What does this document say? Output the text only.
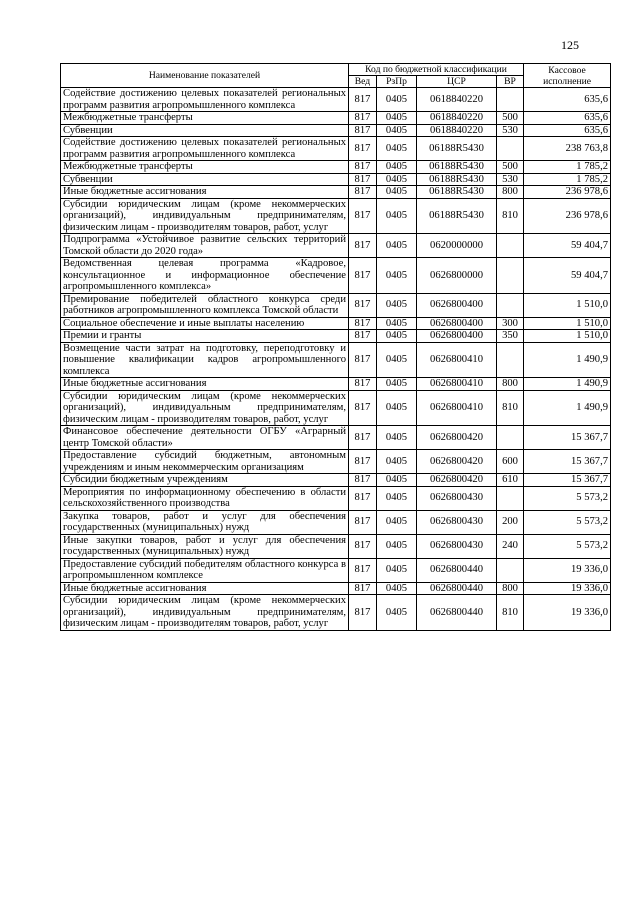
125
Наименование показателей	Код по бюджетной классификации				Кассовое исполнение
	Вед	РзПр	ЦСР	ВР	
Содействие достижению целевых показателей региональных программ развития агропромышленного комплекса	817	0405	0618840220		635,6
Межбюджетные трансферты	817	0405	0618840220	500	635,6
Субвенции	817	0405	0618840220	530	635,6
Содействие достижению целевых показателей региональных программ развития агропромышленного комплекса	817	0405	06188R5430		238 763,8
Межбюджетные трансферты	817	0405	06188R5430	500	1 785,2
Субвенции	817	0405	06188R5430	530	1 785,2
Иные бюджетные ассигнования	817	0405	06188R5430	800	236 978,6
Субсидии юридическим лицам (кроме некоммерческих организаций), индивидуальным предпринимателям, физическим лицам - производителям товаров, работ, услуг	817	0405	06188R5430	810	236 978,6
Подпрограмма «Устойчивое развитие сельских территорий Томской области до 2020 года»	817	0405	0620000000		59 404,7
Ведомственная целевая программа «Кадровое, консультационное и информационное обеспечение агропромышленного комплекса»	817	0405	0626800000		59 404,7
Премирование победителей областного конкурса среди работников агропромышленного комплекса Томской области	817	0405	0626800400		1 510,0
Социальное обеспечение и иные выплаты населению	817	0405	0626800400	300	1 510,0
Премии и гранты	817	0405	0626800400	350	1 510,0
Возмещение части затрат на подготовку, переподготовку и повышение квалификации кадров агропромышленного комплекса	817	0405	0626800410		1 490,9
Иные бюджетные ассигнования	817	0405	0626800410	800	1 490,9
Субсидии юридическим лицам (кроме некоммерческих организаций), индивидуальным предпринимателям, физическим лицам - производителям товаров, работ, услуг	817	0405	0626800410	810	1 490,9
Финансовое обеспечение деятельности ОГБУ «Аграрный центр Томской области»	817	0405	0626800420		15 367,7
Предоставление субсидий бюджетным, автономным учреждениям и иным некоммерческим организациям	817	0405	0626800420	600	15 367,7
Субсидии бюджетным учреждениям	817	0405	0626800420	610	15 367,7
Мероприятия по информационному обеспечению в области сельскохозяйственного производства	817	0405	0626800430		5 573,2
Закупка товаров, работ и услуг для обеспечения государственных (муниципальных) нужд	817	0405	0626800430	200	5 573,2
Иные закупки товаров, работ и услуг для обеспечения государственных (муниципальных) нужд	817	0405	0626800430	240	5 573,2
Предоставление субсидий победителям областного конкурса в агропромышленном комплексе	817	0405	0626800440		19 336,0
Иные бюджетные ассигнования	817	0405	0626800440	800	19 336,0
Субсидии юридическим лицам (кроме некоммерческих организаций), индивидуальным предпринимателям, физическим лицам - производителям товаров, работ, услуг	817	0405	0626800440	810	19 336,0
